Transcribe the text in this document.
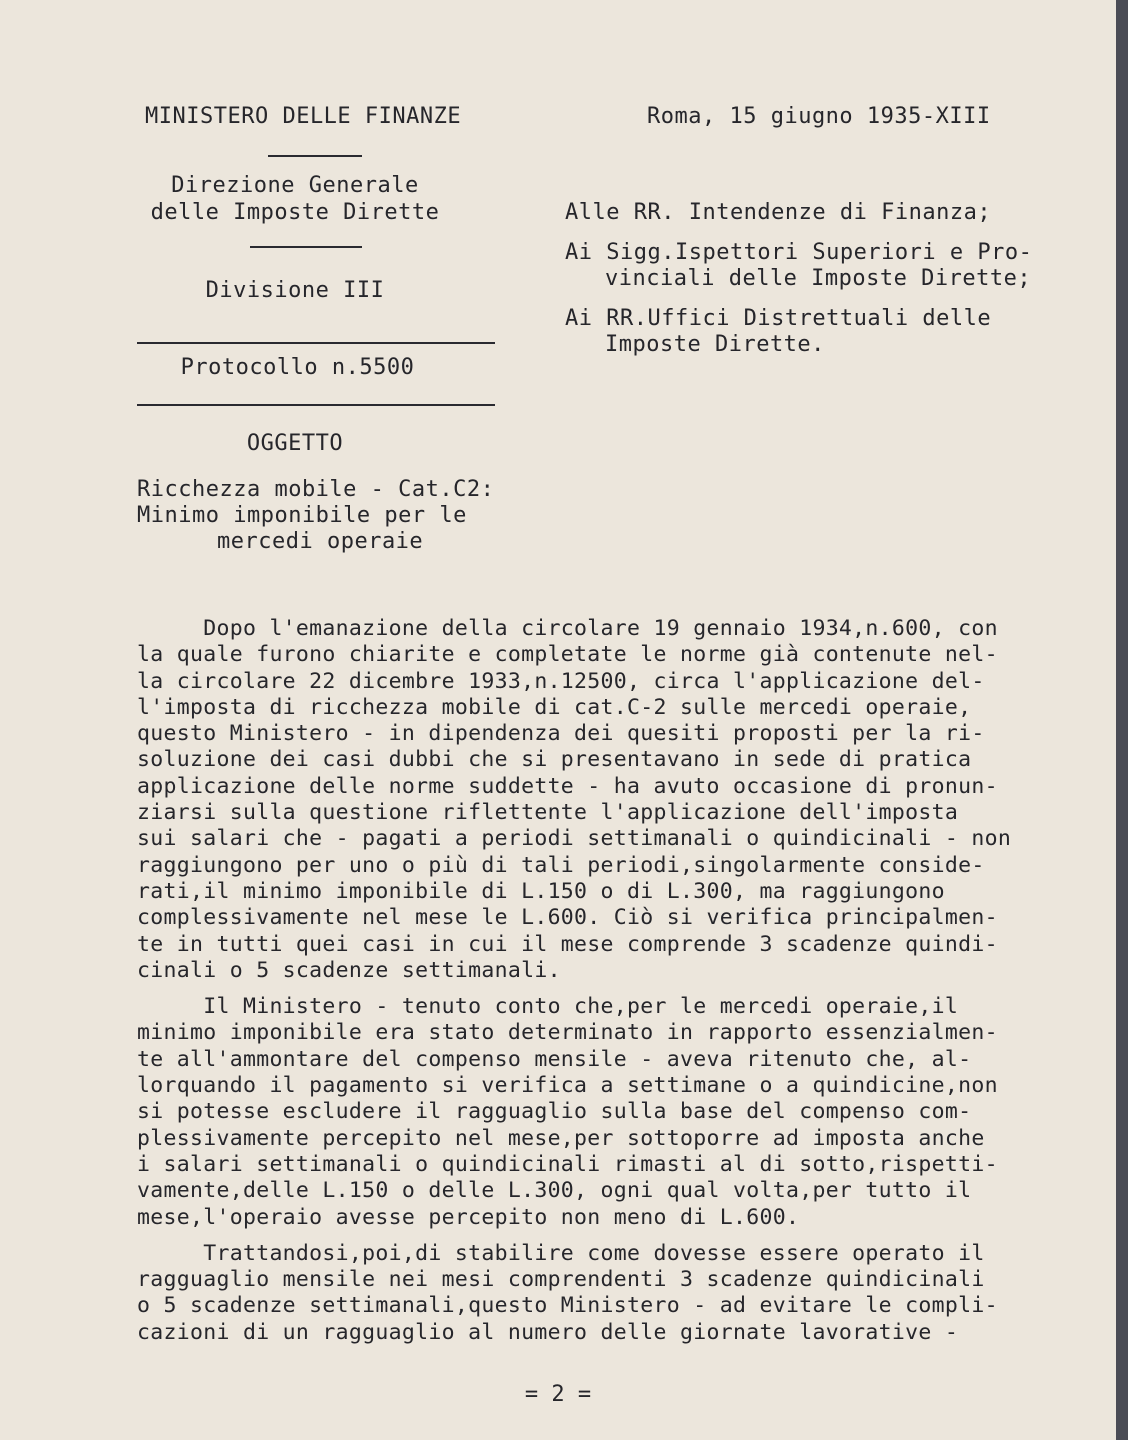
MINISTERO DELLE FINANZE
Direzione Generale
delle Imposte Dirette
Divisione III
Protocollo n.5500
OGGETTO
Ricchezza mobile - Cat.C2:
Minimo imponibile per le
mercedi operaie
Roma, 15 giugno 1935-XIII
Alle RR. Intendenze di Finanza;
Ai Sigg.Ispettori Superiori e Pro-
vinciali delle Imposte Dirette;
Ai RR.Uffici Distrettuali delle
Imposte Dirette.
Dopo l'emanazione della circolare 19 gennaio 1934,n.600, con
la quale furono chiarite e completate le norme già contenute nel-
la circolare 22 dicembre 1933,n.12500, circa l'applicazione del-
l'imposta di ricchezza mobile di cat.C-2 sulle mercedi operaie,
questo Ministero - in dipendenza dei quesiti proposti per la ri-
soluzione dei casi dubbi che si presentavano in sede di pratica
applicazione delle norme suddette - ha avuto occasione di pronun-
ziarsi sulla questione riflettente l'applicazione dell'imposta
sui salari che - pagati a periodi settimanali o quindicinali - non
raggiungono per uno o più di tali periodi,singolarmente conside-
rati,il minimo imponibile di L.150 o di L.300, ma raggiungono
complessivamente nel mese le L.600. Ciò si verifica principalmen-
te in tutti quei casi in cui il mese comprende 3 scadenze quindi-
cinali o 5 scadenze settimanali.
Il Ministero - tenuto conto che,per le mercedi operaie,il
minimo imponibile era stato determinato in rapporto essenzialmen-
te all'ammontare del compenso mensile - aveva ritenuto che, al-
lorquando il pagamento si verifica a settimane o a quindicine,non
si potesse escludere il ragguaglio sulla base del compenso com-
plessivamente percepito nel mese,per sottoporre ad imposta anche
i salari settimanali o quindicinali rimasti al di sotto,rispetti-
vamente,delle L.150 o delle L.300, ogni qual volta,per tutto il
mese,l'operaio avesse percepito non meno di L.600.
Trattandosi,poi,di stabilire come dovesse essere operato il
ragguaglio mensile nei mesi comprendenti 3 scadenze quindicinali
o 5 scadenze settimanali,questo Ministero - ad evitare le compli-
cazioni di un ragguaglio al numero delle giornate lavorative -
= 2 =
